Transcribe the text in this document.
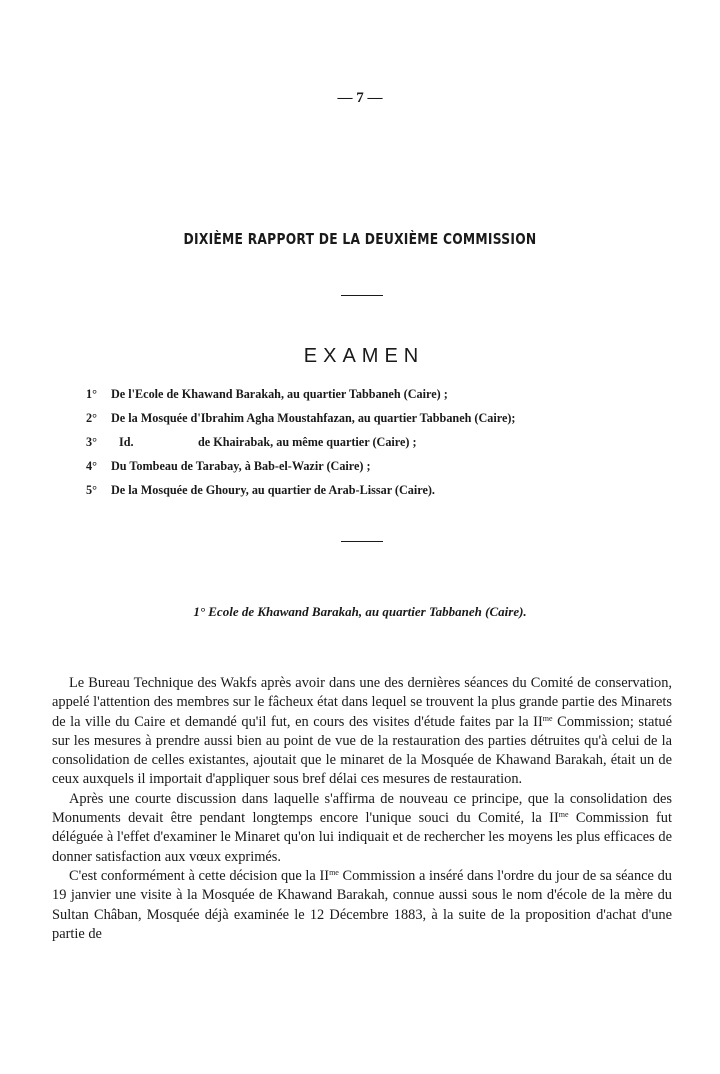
— 7 —
DIXIÈME RAPPORT DE LA DEUXIÈME COMMISSION
EXAMEN
1° De l'Ecole de Khawand Barakah, au quartier Tabbaneh (Caire) ;
2° De la Mosquée d'Ibrahim Agha Moustahfazan, au quartier Tabbaneh (Caire);
3° Id.	de Khairabak, au même quartier (Caire) ;
4° Du Tombeau de Tarabay, à Bab-el-Wazir (Caire) ;
5° De la Mosquée de Ghoury, au quartier de Arab-Lissar (Caire).
1° Ecole de Khawand Barakah, au quartier Tabbaneh (Caire).

Le Bureau Technique des Wakfs après avoir dans une des dernières séances du Comité de conservation, appelé l'attention des membres sur le fâcheux état dans lequel se trouvent la plus grande partie des Minarets de la ville du Caire et demandé qu'il fut, en cours des visites d'étude faites par la $II^{me}$ Commission; statué sur les mesures à prendre aussi bien au point de vue de la restauration des parties détruites qu'à celui de la consolidation de celles existantes, ajoutait que le minaret de la Mosquée de Khawand Barakah, était un de ceux auxquels il importait d'appliquer sous bref délai ces mesures de restauration.

Après une courte discussion dans laquelle s'affirma de nouveau ce principe, que la consolidation des Monuments devait être pendant longtemps encore l'unique souci du Comité, la $II^{me}$ Commission fut déléguée à l'effet d'examiner le Minaret qu'on lui indiquait et de rechercher les moyens les plus efficaces de donner satisfaction aux vœux exprimés.

C'est conformément à cette décision que la $II^{me}$ Commission a inséré dans l'ordre du jour de sa séance du 19 janvier une visite à la Mosquée de Khawand Barakah, connue aussi sous le nom d'école de la mère du Sultan Châban, Mosquée déjà examinée le 12 Décembre 1883, à la suite de la proposition d'achat d'une partie de
